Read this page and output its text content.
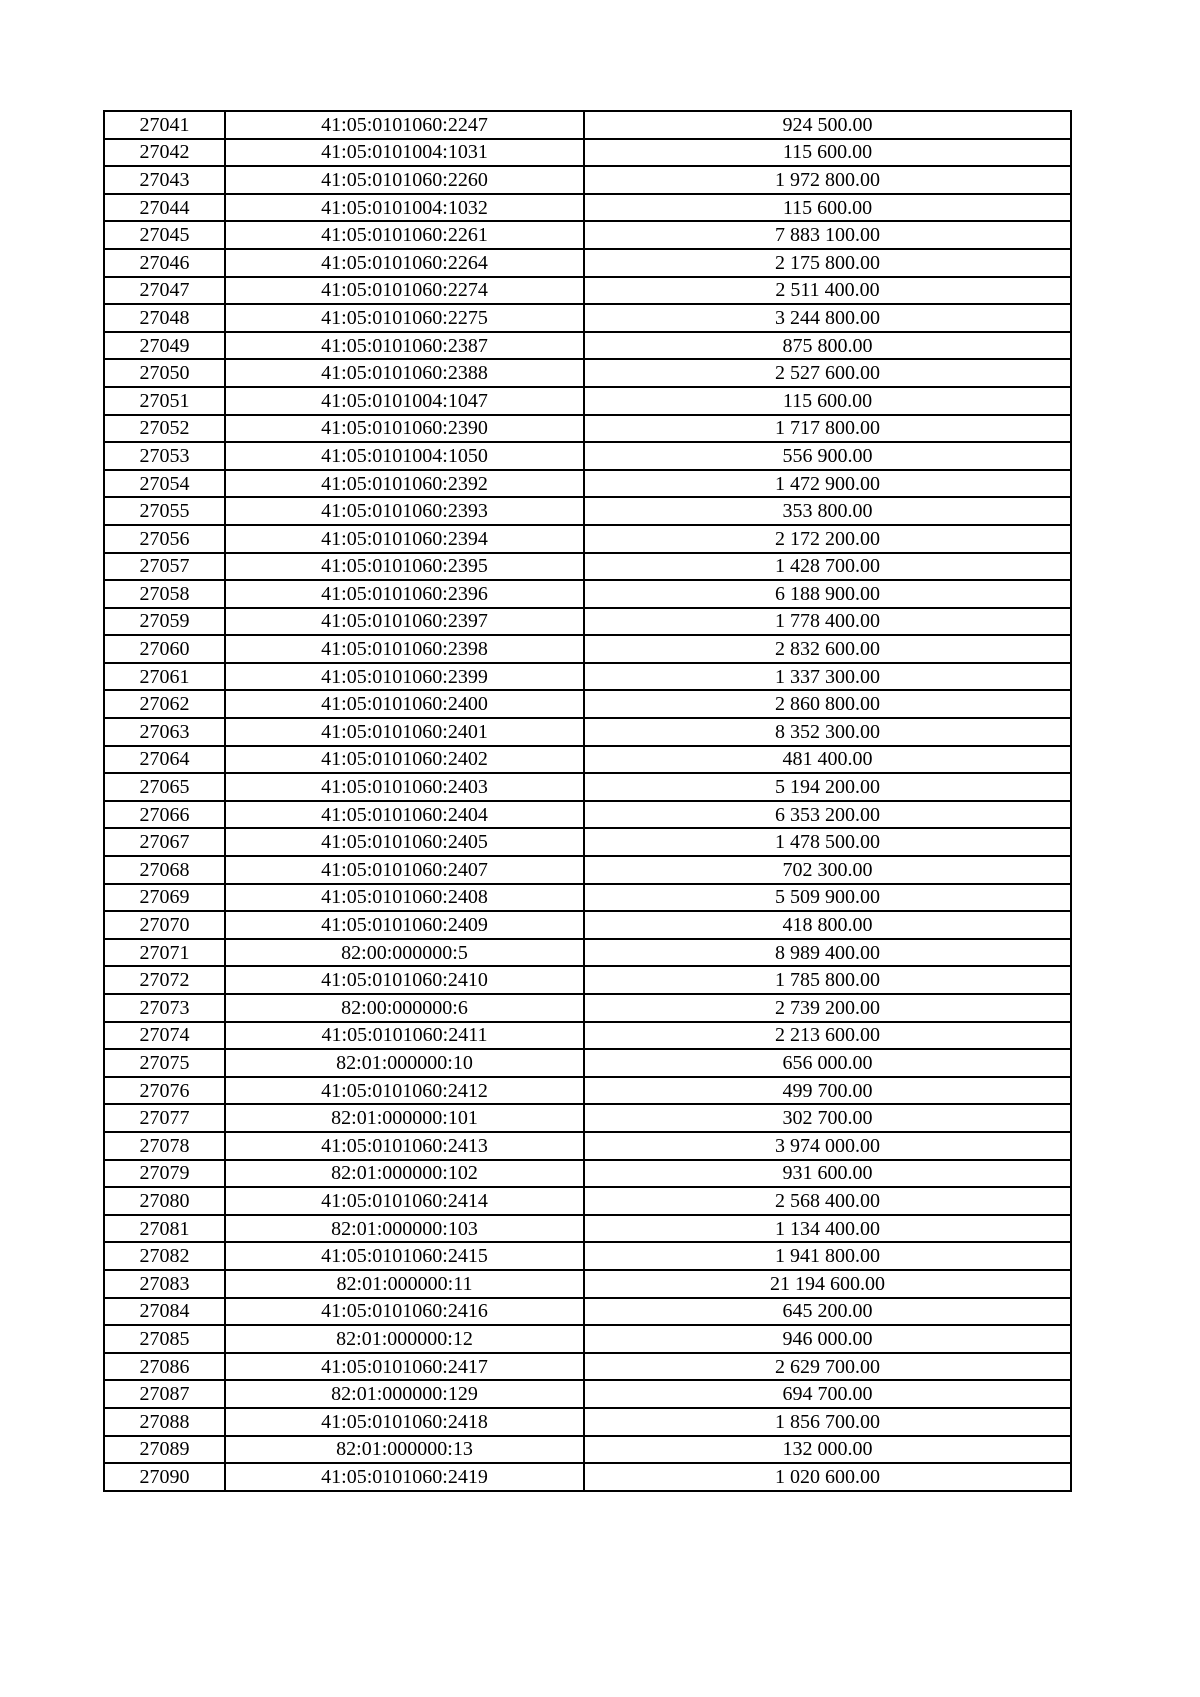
27041	41:05:0101060:2247	924 500.00
27042	41:05:0101004:1031	115 600.00
27043	41:05:0101060:2260	1 972 800.00
27044	41:05:0101004:1032	115 600.00
27045	41:05:0101060:2261	7 883 100.00
27046	41:05:0101060:2264	2 175 800.00
27047	41:05:0101060:2274	2 511 400.00
27048	41:05:0101060:2275	3 244 800.00
27049	41:05:0101060:2387	875 800.00
27050	41:05:0101060:2388	2 527 600.00
27051	41:05:0101004:1047	115 600.00
27052	41:05:0101060:2390	1 717 800.00
27053	41:05:0101004:1050	556 900.00
27054	41:05:0101060:2392	1 472 900.00
27055	41:05:0101060:2393	353 800.00
27056	41:05:0101060:2394	2 172 200.00
27057	41:05:0101060:2395	1 428 700.00
27058	41:05:0101060:2396	6 188 900.00
27059	41:05:0101060:2397	1 778 400.00
27060	41:05:0101060:2398	2 832 600.00
27061	41:05:0101060:2399	1 337 300.00
27062	41:05:0101060:2400	2 860 800.00
27063	41:05:0101060:2401	8 352 300.00
27064	41:05:0101060:2402	481 400.00
27065	41:05:0101060:2403	5 194 200.00
27066	41:05:0101060:2404	6 353 200.00
27067	41:05:0101060:2405	1 478 500.00
27068	41:05:0101060:2407	702 300.00
27069	41:05:0101060:2408	5 509 900.00
27070	41:05:0101060:2409	418 800.00
27071	82:00:000000:5	8 989 400.00
27072	41:05:0101060:2410	1 785 800.00
27073	82:00:000000:6	2 739 200.00
27074	41:05:0101060:2411	2 213 600.00
27075	82:01:000000:10	656 000.00
27076	41:05:0101060:2412	499 700.00
27077	82:01:000000:101	302 700.00
27078	41:05:0101060:2413	3 974 000.00
27079	82:01:000000:102	931 600.00
27080	41:05:0101060:2414	2 568 400.00
27081	82:01:000000:103	1 134 400.00
27082	41:05:0101060:2415	1 941 800.00
27083	82:01:000000:11	21 194 600.00
27084	41:05:0101060:2416	645 200.00
27085	82:01:000000:12	946 000.00
27086	41:05:0101060:2417	2 629 700.00
27087	82:01:000000:129	694 700.00
27088	41:05:0101060:2418	1 856 700.00
27089	82:01:000000:13	132 000.00
27090	41:05:0101060:2419	1 020 600.00
